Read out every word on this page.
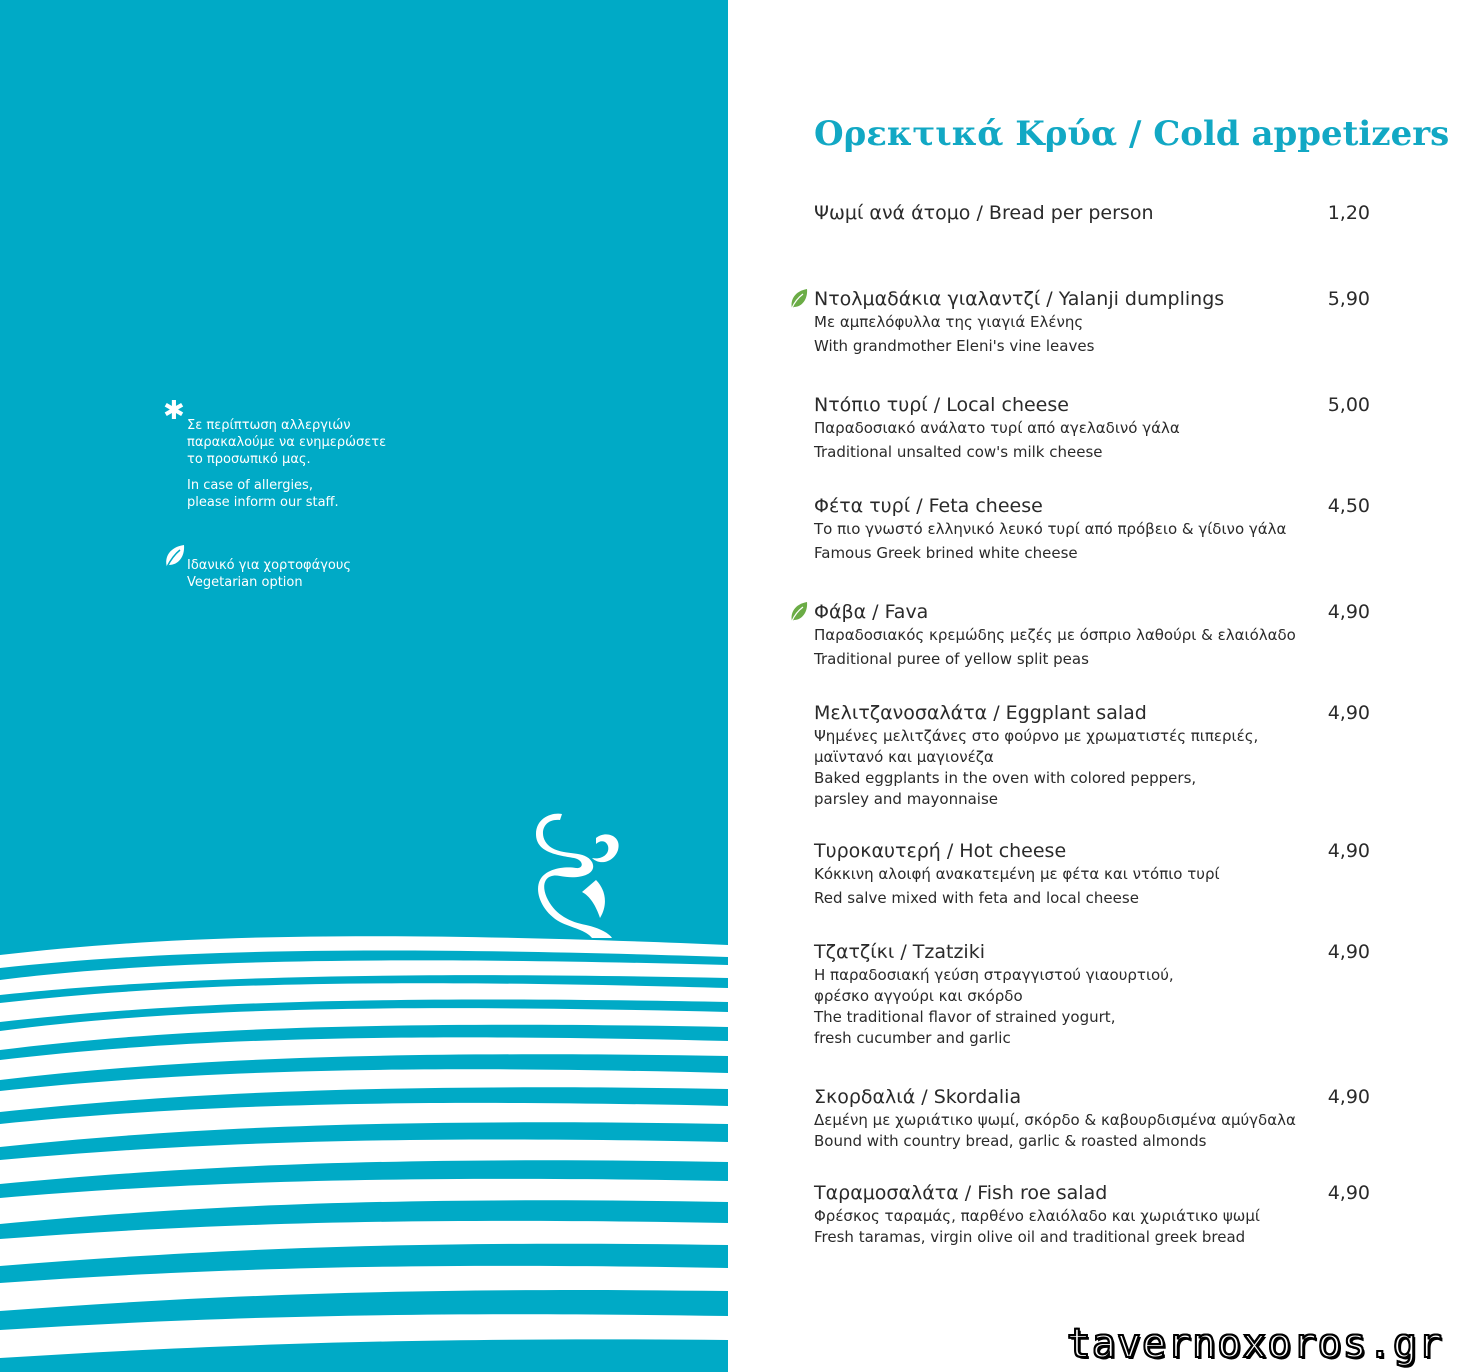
✱ Σε περίπτωση αλλεργιών
παρακαλούμε να ενημερώσετε
το προσωπικό μας.

In case of allergies,
please inform our staff.

Ιδανικό για χορτοφάγους
Vegetarian option

Ορεκτικά Κρύα / Cold appetizers
Ψωμί ανά άτομο / Bread per person
Ντολμαδάκια γιαλαντζί / Yalanji dumplings
Με αμπελόφυλλα της γιαγιά Ελένης
With grandmother Eleni's vine leaves
Ντόπιο τυρί / Local cheese
Παραδοσιακό ανάλατο τυρί από αγελαδινό γάλα
Traditional unsalted cow's milk cheese
Φέτα τυρί / Feta cheese
Το πιο γνωστό ελληνικό λευκό τυρί από πρόβειο & γίδινο γάλα
Famous Greek brined white cheese
Φάβα / Fava
Παραδοσιακός κρεμώδης μεζές με όσπριο λαθούρι & ελαιόλαδο
Traditional puree of yellow split peas
Μελιτζανοσαλάτα / Eggplant salad
Ψημένες μελιτζάνες στο φούρνο με χρωματιστές πιπεριές,
μαϊντανό και μαγιονέζα
Baked eggplants in the oven with colored peppers,
parsley and mayonnaise
Τυροκαυτερή / Hot cheese
Κόκκινη αλοιφή ανακατεμένη με φέτα και ντόπιο τυρί
Red salve mixed with feta and local cheese
Τζατζίκι / Tzatziki
Η παραδοσιακή γεύση στραγγιστού γιαουρτιού,
φρέσκο αγγούρι και σκόρδο
The traditional flavor of strained yogurt,
fresh cucumber and garlic
Σκορδαλιά / Skordalia
Δεμένη με χωριάτικο ψωμί, σκόρδο & καβουρδισμένα αμύγδαλα
Bound with country bread, garlic & roasted almonds
Ταραμοσαλάτα / Fish roe salad
Φρέσκος ταραμάς, παρθένο ελαιόλαδο και χωριάτικο ψωμί
Fresh taramas, virgin olive oil and traditional greek bread
1,20
5,90
5,00
4,50
4,90
4,90
4,90
4,90
4,90
4,90
tavernoxoros.gr
